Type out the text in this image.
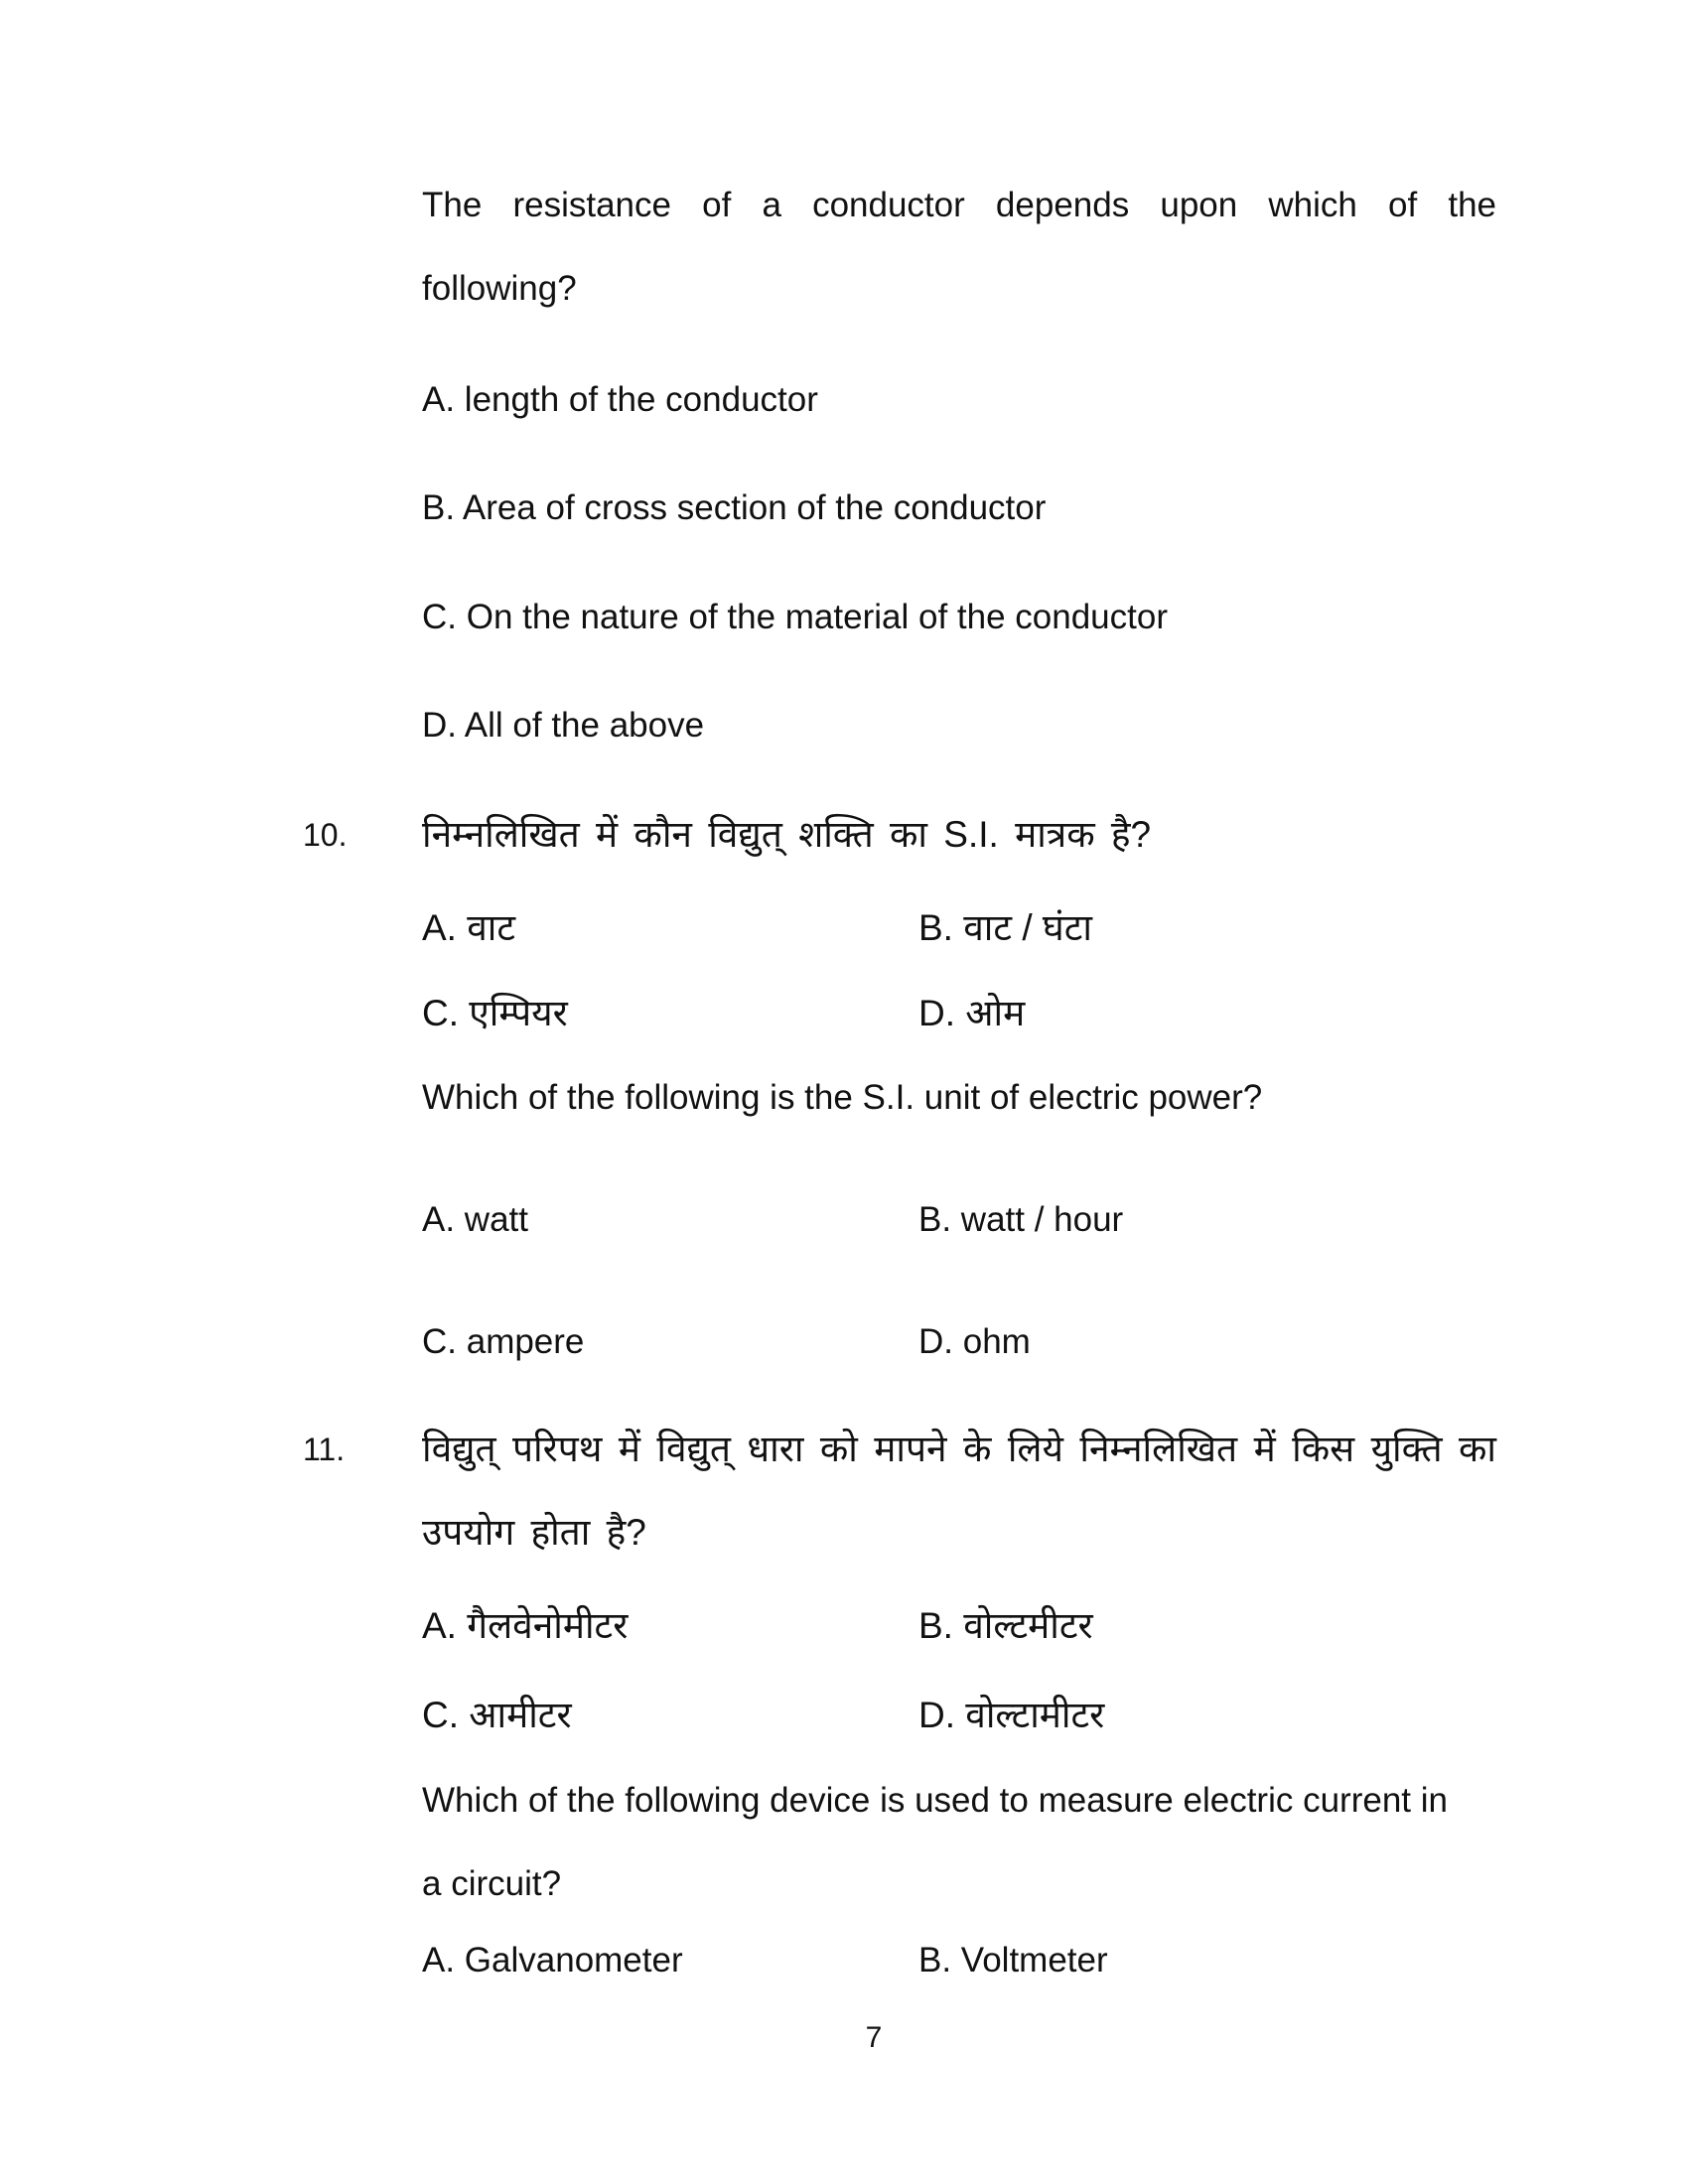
The resistance of a conductor depends upon which of the
following?
A. length of the conductor
B. Area of cross section of the conductor
C. On the nature of the material of the conductor
D. All of the above
10.	निम्नलिखित में कौन विद्युत् शक्ति का S.I. मात्रक है?
A. वाट	B. वाट / घंटा
C. एम्पियर	D. ओम
Which of the following is the S.I. unit of electric power?
A. watt	B. watt / hour
C. ampere	D. ohm
11.	विद्युत् परिपथ में विद्युत् धारा को मापने के लिये निम्नलिखित में किस युक्ति का
उपयोग होता है?
A. गैलवेनोमीटर	B. वोल्टमीटर
C. आमीटर	D. वोल्टामीटर
Which of the following device is used to measure electric current in
a circuit?
A. Galvanometer	B. Voltmeter
7
